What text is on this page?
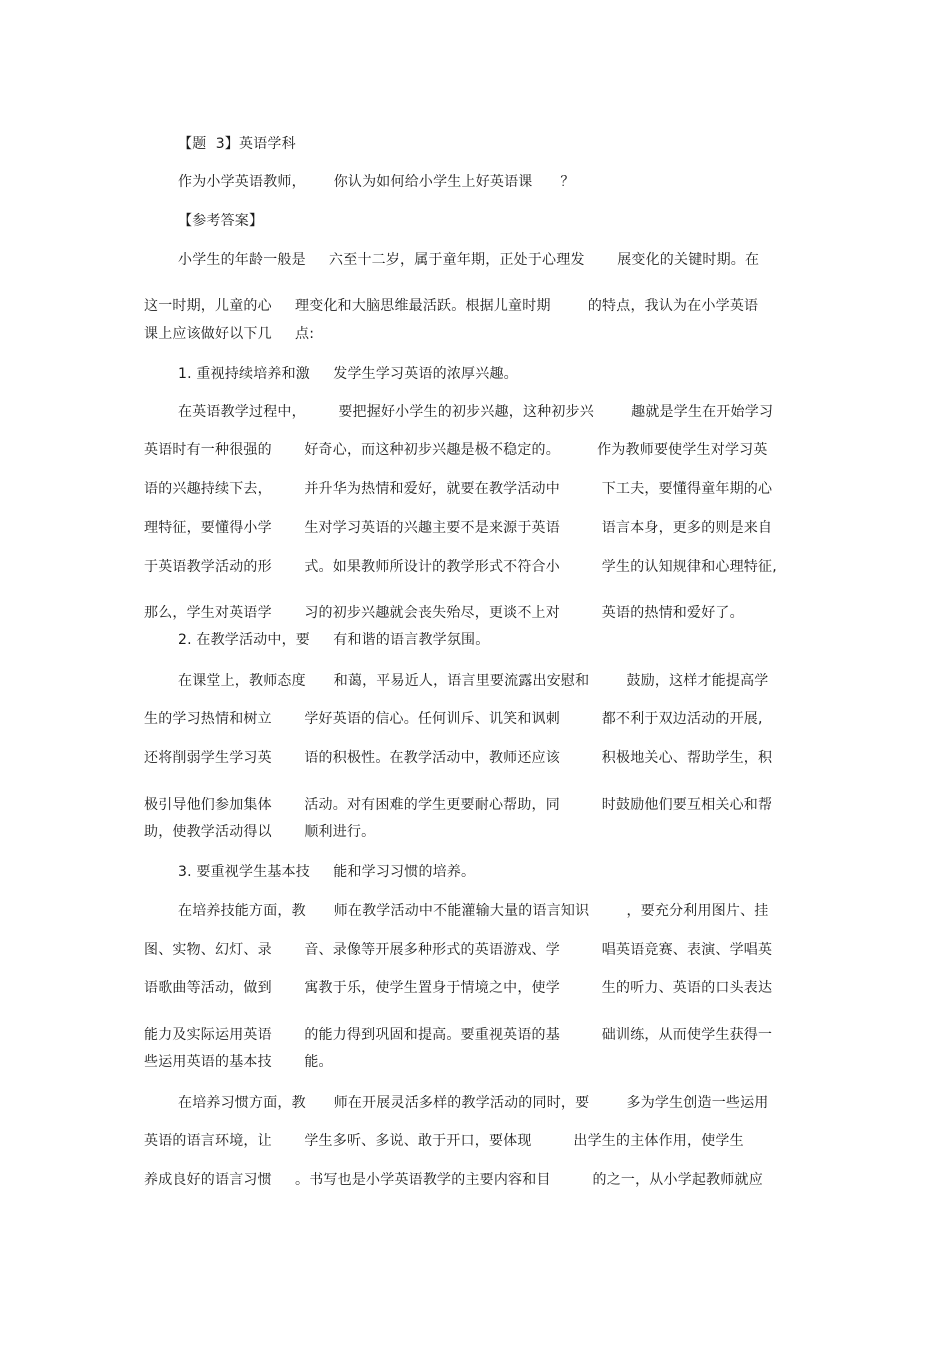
【题  3】英语学科
作为小学英语教师，      你认为如何给小学生上好英语课      ？
【参考答案】
小学生的年龄一般是     六至十二岁，属于童年期，正处于心理发       展变化的关键时期。在
这一时期，儿童的心     理变化和大脑思维最活跃。根据儿童时期        的特点，我认为在小学英语
课上应该做好以下几     点:
1. 重视持续培养和激     发学生学习英语的浓厚兴趣。
在英语教学过程中，       要把握好小学生的初步兴趣，这种初步兴        趣就是学生在开始学习
英语时有一种很强的       好奇心，而这种初步兴趣是极不稳定的。        作为教师要使学生对学习英
语的兴趣持续下去，       并升华为热情和爱好，就要在教学活动中         下工夫，要懂得童年期的心
理特征，要懂得小学       生对学习英语的兴趣主要不是来源于英语         语言本身，更多的则是来自
于英语教学活动的形       式。如果教师所设计的教学形式不符合小         学生的认知规律和心理特征,
那么，学生对英语学       习的初步兴趣就会丧失殆尽，更谈不上对         英语的热情和爱好了。
2. 在教学活动中，要     有和谐的语言教学氛围。
在课堂上，教师态度      和蔼，平易近人，语言里要流露出安慰和        鼓励，这样才能提高学
生的学习热情和树立       学好英语的信心。任何训斥、讥笑和讽刺         都不利于双边活动的开展,
还将削弱学生学习英       语的积极性。在教学活动中，教师还应该         积极地关心、帮助学生，积
极引导他们参加集体       活动。对有困难的学生更要耐心帮助，同         时鼓励他们要互相关心和帮
助，使教学活动得以       顺利进行。
3. 要重视学生基本技     能和学习习惯的培养。
在培养技能方面，教      师在教学活动中不能灌输大量的语言知识        ，要充分利用图片、挂
图、实物、幻灯、录       音、录像等开展多种形式的英语游戏、学         唱英语竞赛、表演、学唱英
语歌曲等活动，做到       寓教于乐，使学生置身于情境之中，使学         生的听力、英语的口头表达
能力及实际运用英语       的能力得到巩固和提高。要重视英语的基         础训练，从而使学生获得一
些运用英语的基本技       能。
在培养习惯方面，教      师在开展灵活多样的教学活动的同时，要        多为学生创造一些运用
英语的语言环境，让       学生多听、多说、敢于开口，要体现         出学生的主体作用，使学生
养成良好的语言习惯     。书写也是小学英语教学的主要内容和目         的之一，从小学起教师就应
